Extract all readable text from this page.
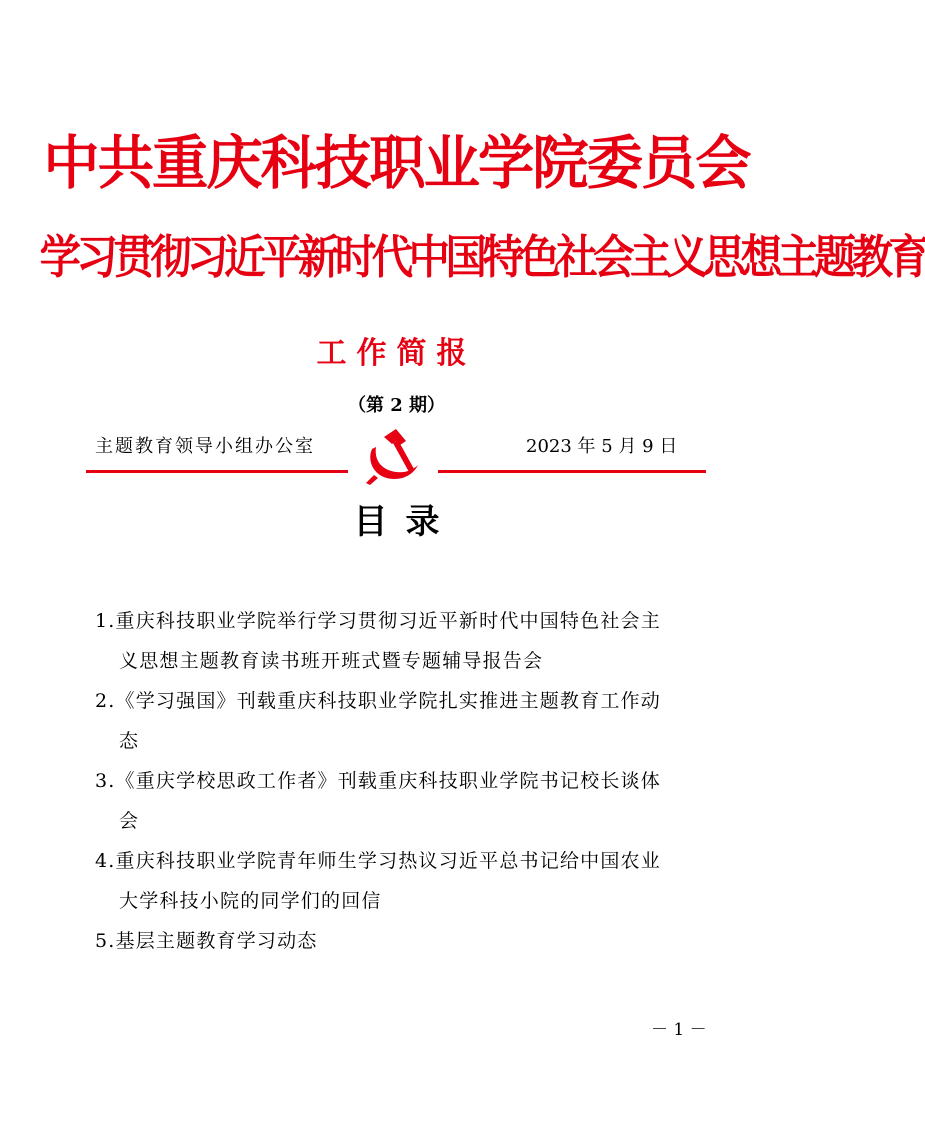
中共重庆科技职业学院委员会
学习贯彻习近平新时代中国特色社会主义思想主题教育
工作简报
（第 2 期）
主题教育领导小组办公室	2023 年 5 月 9 日
目录
1.重庆科技职业学院举行学习贯彻习近平新时代中国特色社会主
义思想主题教育读书班开班式暨专题辅导报告会
2.《学习强国》刊载重庆科技职业学院扎实推进主题教育工作动
态
3.《重庆学校思政工作者》刊载重庆科技职业学院书记校长谈体
会
4.重庆科技职业学院青年师生学习热议习近平总书记给中国农业
大学科技小院的同学们的回信
5.基层主题教育学习动态
－ 1 －
